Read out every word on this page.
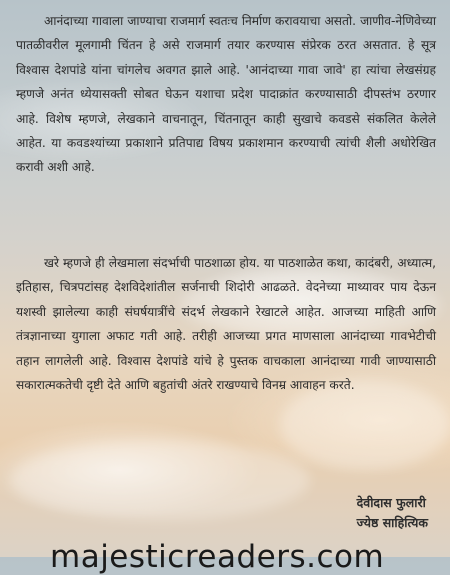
आनंदाच्या गावाला जाण्याचा राजमार्ग स्वतःच निर्माण करावयाचा असतो. जाणीव-नेणिवेच्या पातळीवरील मूलगामी चिंतन हे असे राजमार्ग तयार करण्यास संप्रेरक ठरत असतात. हे सूत्र विश्वास देशपांडे यांना चांगलेच अवगत झाले आहे. 'आनंदाच्या गावा जावे' हा त्यांचा लेखसंग्रह म्हणजे अनंत ध्येयासक्ती सोबत घेऊन यशाचा प्रदेश पादाक्रांत करण्यासाठी दीपस्तंभ ठरणार आहे. विशेष म्हणजे, लेखकाने वाचनातून, चिंतनातून काही सुखाचे कवडसे संकलित केलेले आहेत. या कवडश्यांच्या प्रकाशाने प्रतिपाद्य विषय प्रकाशमान करण्याची त्यांची शैली अधोरेखित करावी अशी आहे.

खरे म्हणजे ही लेखमाला संदर्भाची पाठशाळा होय. या पाठशाळेत कथा, कादंबरी, अध्यात्म, इतिहास, चित्रपटांसह देशविदेशांतील सर्जनाची शिदोरी आढळते. वेदनेच्या माथ्यावर पाय देऊन यशस्वी झालेल्या काही संघर्षयात्रींचे संदर्भ लेखकाने रेखाटले आहेत. आजच्या माहिती आणि तंत्रज्ञानाच्या युगाला अफाट गती आहे. तरीही आजच्या प्रगत माणसाला आनंदाच्या गावभेटीची तहान लागलेली आहे. विश्वास देशपांडे यांचे हे पुस्तक वाचकाला आनंदाच्या गावी जाण्यासाठी सकारात्मकतेची दृष्टी देते आणि बहुतांची अंतरे राखण्याचे विनम्र आवाहन करते.

देवीदास फुलारी
ज्येष्ठ साहित्यिक
majesticreaders.com
